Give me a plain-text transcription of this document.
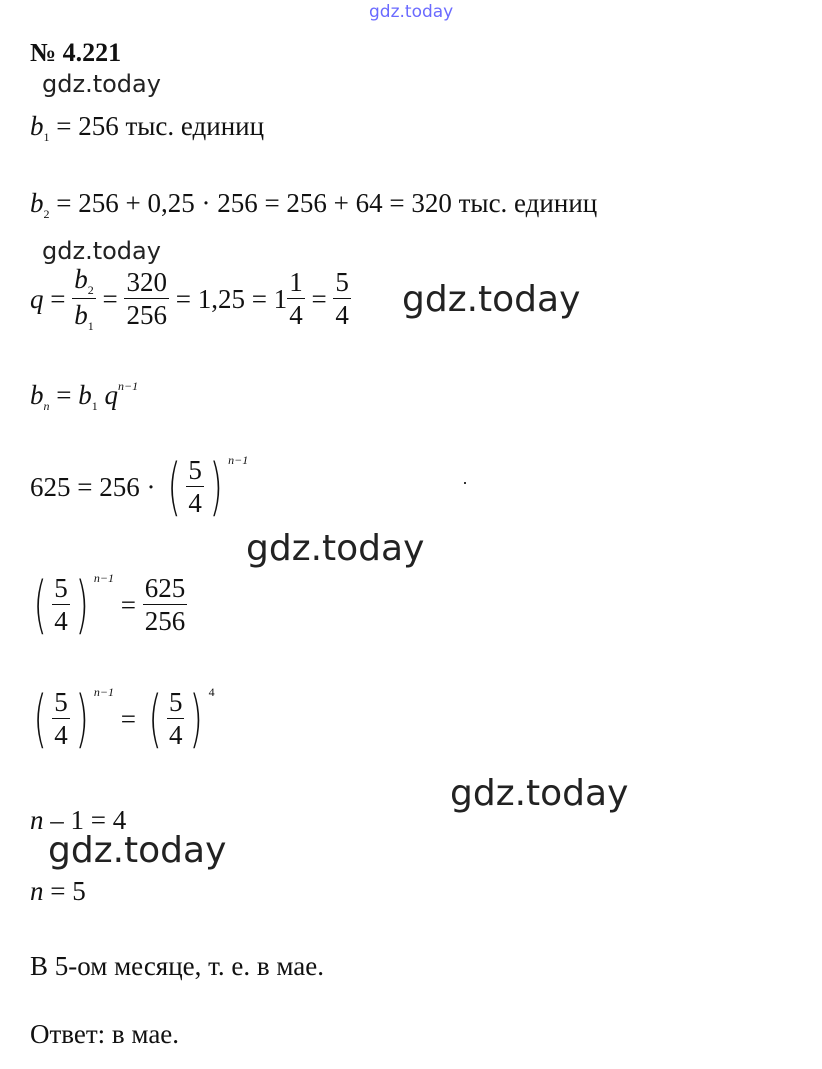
gdz.today
gdz.today
gdz.today
gdz.today
gdz.today
gdz.today
gdz.today
№ 4.221
$b_1 = 256$ тыс. единиц
$b_2 = 256 + 0,25 \cdot 256 = 256 + 64 = 320$ тыс. единиц
$q = \frac{b_2}{b_1} = \frac{320}{256} = 1,25 = 1 \frac{1}{4} = \frac{5}{4}$
$b_n = b_1$ $q^{n-1}$
625 = 256 · ( $\frac{5}{4}$ ) $^{n-1}$
( $\frac{5}{4}$ ) $^{n-1}$
= $\frac{625}{256}$
( $\frac{5}{4}$ ) $^{n-1}$
= ( $\frac{5}{4}$ ) $^4$
n – 1 = 4
n = 5
В 5-ом месяце, т. е. в мае.
Ответ: в мае.
